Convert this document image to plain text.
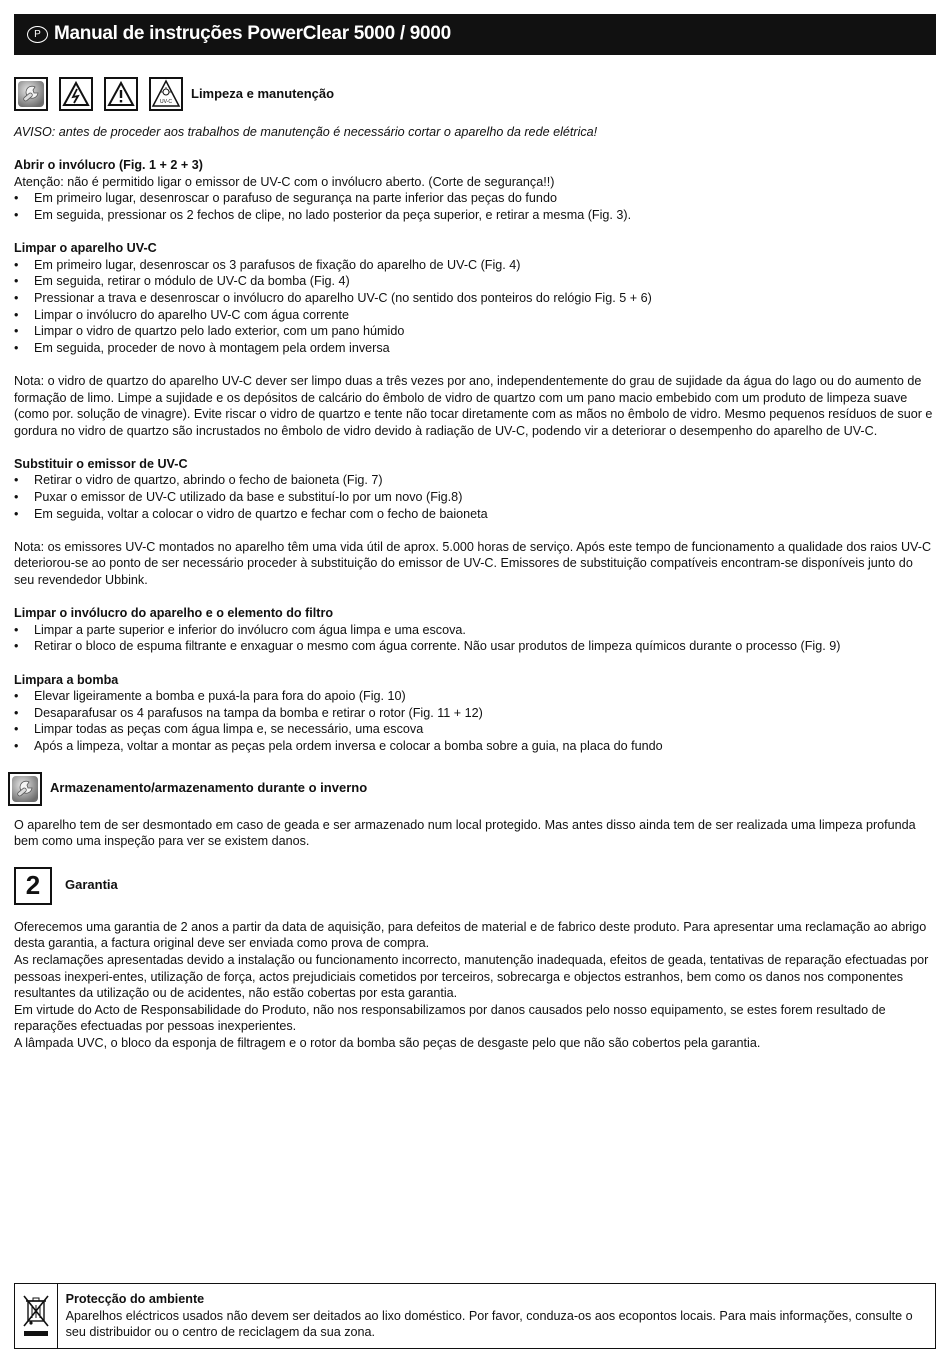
P Manual de instruções PowerClear 5000 / 9000
UV-C
Limpeza e manutenção

AVISO: antes de proceder aos trabalhos de manutenção é necessário cortar o aparelho da rede elétrica!

Abrir o invólucro (Fig. 1 + 2 + 3)

Atenção: não é permitido ligar o emissor de UV-C com o invólucro aberto. (Corte de segurança!!)

• Em primeiro lugar, desenroscar o parafuso de segurança na parte inferior das peças do fundo
• Em seguida, pressionar os 2 fechos de clipe, no lado posterior da peça superior, e retirar a mesma (Fig. 3).

Limpar o aparelho UV-C

• Em primeiro lugar, desenroscar os 3 parafusos de fixação do aparelho de UV-C (Fig. 4)
• Em seguida, retirar o módulo de UV-C da bomba (Fig. 4)
• Pressionar a trava e desenroscar o invólucro do aparelho UV-C (no sentido dos ponteiros do relógio Fig. 5 + 6)
• Limpar o invólucro do aparelho UV-C com água corrente
• Limpar o vidro de quartzo pelo lado exterior, com um pano húmido
• Em seguida, proceder de novo à montagem pela ordem inversa

Nota: o vidro de quartzo do aparelho UV-C dever ser limpo duas a três vezes por ano, independentemente do grau de sujidade da água do lago ou do aumento de formação de limo. Limpe a sujidade e os depósitos de calcário do êmbolo de vidro de quartzo com um pano macio embebido com um produto de limpeza suave (como por. solução de vinagre). Evite riscar o vidro de quartzo e tente não tocar diretamente com as mãos no êmbolo de vidro. Mesmo pequenos resíduos de suor e gordura no vidro de quartzo são incrustados no êmbolo de vidro devido à radiação de UV-C, podendo vir a deteriorar o desempenho do aparelho de UV-C.

Substituir o emissor de UV-C

• Retirar o vidro de quartzo, abrindo o fecho de baioneta (Fig. 7)
• Puxar o emissor de UV-C utilizado da base e substituí-lo por um novo (Fig.8)
• Em seguida, voltar a colocar o vidro de quartzo e fechar com o fecho de baioneta

Nota: os emissores UV-C montados no aparelho têm uma vida útil de aprox. 5.000 horas de serviço. Após este tempo de funcionamento a qualidade dos raios UV-C deteriorou-se ao ponto de ser necessário proceder à substituição do emissor de UV-C. Emissores de substituição compatíveis encontram-se disponíveis junto do seu revendedor Ubbink.

Limpar o invólucro do aparelho e o elemento do filtro

• Limpar a parte superior e inferior do invólucro com água limpa e uma escova.
• Retirar o bloco de espuma filtrante e enxaguar o mesmo com água corrente. Não usar produtos de limpeza químicos durante o processo (Fig. 9)

Limpara a bomba

• Elevar ligeiramente a bomba e puxá-la para fora do apoio (Fig. 10)
• Desaparafusar os 4 parafusos na tampa da bomba e retirar o rotor (Fig. 11 + 12)
• Limpar todas as peças com água limpa e, se necessário, uma escova
• Após a limpeza, voltar a montar as peças pela ordem inversa e colocar a bomba sobre a guia, na placa do fundo
Armazenamento/armazenamento durante o inverno

O aparelho tem de ser desmontado em caso de geada e ser armazenado num local protegido. Mas antes disso ainda tem de ser realizada uma limpeza profunda bem como uma inspeção para ver se existem danos.

2	Garantia

Oferecemos uma garantia de 2 anos a partir da data de aquisição, para defeitos de material e de fabrico deste produto. Para apresentar uma reclamação ao abrigo desta garantia, a factura original deve ser enviada como prova de compra.

As reclamações apresentadas devido a instalação ou funcionamento incorrecto, manutenção inadequada, efeitos de geada, tentativas de reparação efectuadas por pessoas inexperi-entes, utilização de força, actos prejudiciais cometidos por terceiros, sobrecarga e objectos estranhos, bem como os danos nos componentes resultantes da utilização ou de acidentes, não estão cobertas por esta garantia.

Em virtude do Acto de Responsabilidade do Produto, não nos responsabilizamos por danos causados pelo nosso equipamento, se estes forem resultado de reparações efectuadas por pessoas inexperientes.

A lâmpada UVC, o bloco da esponja de filtragem e o rotor da bomba são peças de desgaste pelo que não são cobertos pela garantia.

Protecção do ambiente

Aparelhos eléctricos usados não devem ser deitados ao lixo doméstico. Por favor, conduza-os aos ecopontos locais. Para mais informações, consulte o seu distribuidor ou o centro de reciclagem da sua zona.
